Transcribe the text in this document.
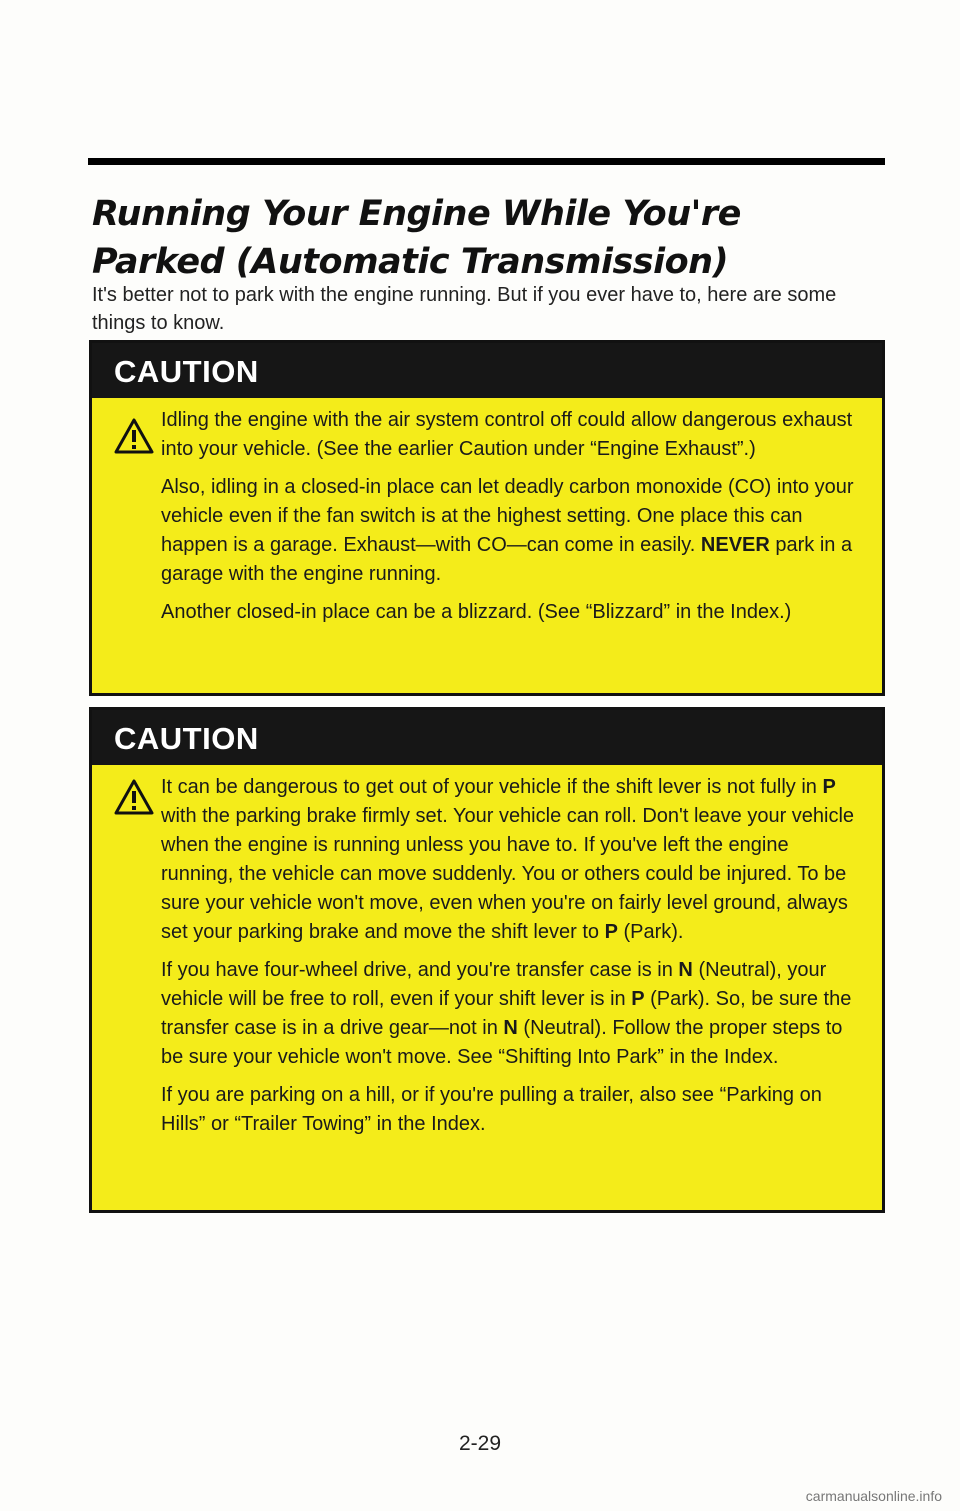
Running Your Engine While You're
Parked (Automatic Transmission)
It's better not to park with the engine running. But if you ever have to, here are some things to know.
CAUTION

Idling the engine with the air system control off could allow dangerous exhaust into your vehicle. (See the earlier Caution under “Engine Exhaust”.)

Also, idling in a closed-in place can let deadly carbon monoxide (CO) into your vehicle even if the fan switch is at the highest setting. One place this can happen is a garage. Exhaust—with CO—can come in easily. NEVER park in a garage with the engine running.

Another closed-in place can be a blizzard. (See “Blizzard” in the Index.)

CAUTION

It can be dangerous to get out of your vehicle if the shift lever is not fully in P with the parking brake firmly set. Your vehicle can roll. Don't leave your vehicle when the engine is running unless you have to. If you've left the engine running, the vehicle can move suddenly. You or others could be injured. To be sure your vehicle won't move, even when you're on fairly level ground, always set your parking brake and move the shift lever to P (Park).

If you have four-wheel drive, and you're transfer case is in N (Neutral), your vehicle will be free to roll, even if your shift lever is in P (Park). So, be sure the transfer case is in a drive gear—not in N (Neutral). Follow the proper steps to be sure your vehicle won't move. See “Shifting Into Park” in the Index.

If you are parking on a hill, or if you're pulling a trailer, also see “Parking on Hills” or “Trailer Towing” in the Index.

2-29
carmanualsonline.info
